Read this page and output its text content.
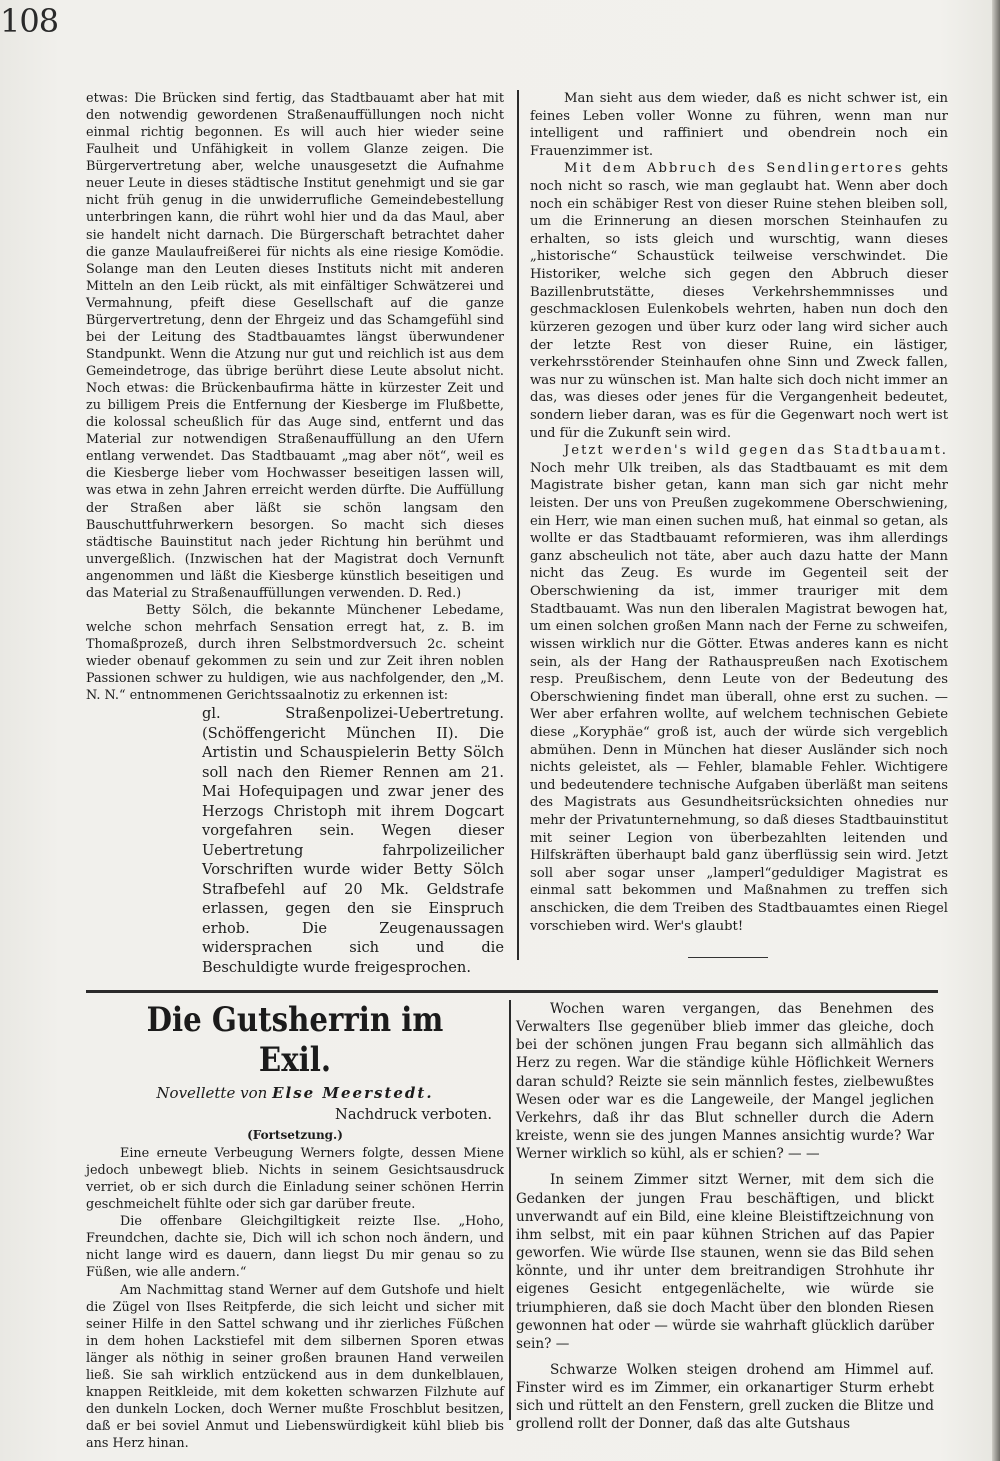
108

etwas: Die Brücken sind fertig, das Stadtbauamt aber hat mit den notwendig gewordenen Straßenauffüllungen noch nicht einmal richtig begonnen. Es will auch hier wieder seine Faulheit und Unfähigkeit in vollem Glanze zeigen. Die Bürgervertretung aber, welche unausgesetzt die Aufnahme neuer Leute in dieses städtische Institut genehmigt und sie gar nicht früh genug in die unwiderrufliche Gemeindebestellung unterbringen kann, die rührt wohl hier und da das Maul, aber sie handelt nicht darnach. Die Bürgerschaft betrachtet daher die ganze Maulaufreißerei für nichts als eine riesige Komödie. Solange man den Leuten dieses Instituts nicht mit anderen Mitteln an den Leib rückt, als mit einfältiger Schwätzerei und Vermahnung, pfeift diese Gesellschaft auf die ganze Bürgervertretung, denn der Ehrgeiz und das Schamgefühl sind bei der Leitung des Stadtbauamtes längst überwundener Standpunkt. Wenn die Atzung nur gut und reichlich ist aus dem Gemeindetroge, das übrige berührt diese Leute absolut nicht. Noch etwas: die Brückenbaufirma hätte in kürzester Zeit und zu billigem Preis die Entfernung der Kiesberge im Flußbette, die kolossal scheußlich für das Auge sind, entfernt und das Material zur notwendigen Straßenauffüllung an den Ufern entlang verwendet. Das Stadtbauamt „mag aber nöt“, weil es die Kiesberge lieber vom Hochwasser beseitigen lassen will, was etwa in zehn Jahren erreicht werden dürfte. Die Auffüllung der Straßen aber läßt sie schön langsam den Bauschuttfuhrwerkern besorgen. So macht sich dieses städtische Bauinstitut nach jeder Richtung hin berühmt und unvergeßlich. (Inzwischen hat der Magistrat doch Vernunft angenommen und läßt die Kiesberge künstlich beseitigen und das Material zu Straßenauffüllungen verwenden. D. Red.)

Betty Sölch, die bekannte Münchener Lebedame, welche schon mehrfach Sensation erregt hat, z. B. im Thomaßprozeß, durch ihren Selbstmordversuch 2c. scheint wieder obenauf gekommen zu sein und zur Zeit ihren noblen Passionen schwer zu huldigen, wie aus nachfolgender, den „M. N. N.“ entnommenen Gerichtssaalnotiz zu erkennen ist:

gl. Straßenpolizei-Uebertretung. (Schöffengericht München II). Die Artistin und Schauspielerin Betty Sölch soll nach den Riemer Rennen am 21. Mai Hofequipagen und zwar jener des Herzogs Christoph mit ihrem Dogcart vorgefahren sein. Wegen dieser Uebertretung fahrpolizeilicher Vorschriften wurde wider Betty Sölch Strafbefehl auf 20 Mk. Geldstrafe erlassen, gegen den sie Einspruch erhob. Die Zeugenaussagen widersprachen sich und die Beschuldigte wurde freigesprochen.

Man sieht aus dem wieder, daß es nicht schwer ist, ein feines Leben voller Wonne zu führen, wenn man nur intelligent und raffiniert und obendrein noch ein Frauenzimmer ist.

Mit dem Abbruch des Sendlingertores gehts noch nicht so rasch, wie man geglaubt hat. Wenn aber doch noch ein schäbiger Rest von dieser Ruine stehen bleiben soll, um die Erinnerung an diesen morschen Steinhaufen zu erhalten, so ists gleich und wurschtig, wann dieses „historische“ Schaustück teilweise verschwindet. Die Historiker, welche sich gegen den Abbruch dieser Bazillenbrutstätte, dieses Verkehrshemmnisses und geschmacklosen Eulenkobels wehrten, haben nun doch den kürzeren gezogen und über kurz oder lang wird sicher auch der letzte Rest von dieser Ruine, ein lästiger, verkehrsstörender Steinhaufen ohne Sinn und Zweck fallen, was nur zu wünschen ist. Man halte sich doch nicht immer an das, was dieses oder jenes für die Vergangenheit bedeutet, sondern lieber daran, was es für die Gegenwart noch wert ist und für die Zukunft sein wird.

Jetzt werden's wild gegen das Stadtbauamt. Noch mehr Ulk treiben, als das Stadtbauamt es mit dem Magistrate bisher getan, kann man sich gar nicht mehr leisten. Der uns von Preußen zugekommene Oberschwiening, ein Herr, wie man einen suchen muß, hat einmal so getan, als wollte er das Stadtbauamt reformieren, was ihm allerdings ganz abscheulich not täte, aber auch dazu hatte der Mann nicht das Zeug. Es wurde im Gegenteil seit der Oberschwiening da ist, immer trauriger mit dem Stadtbauamt. Was nun den liberalen Magistrat bewogen hat, um einen solchen großen Mann nach der Ferne zu schweifen, wissen wirklich nur die Götter. Etwas anderes kann es nicht sein, als der Hang der Rathauspreußen nach Exotischem resp. Preußischem, denn Leute von der Bedeutung des Oberschwiening findet man überall, ohne erst zu suchen. — Wer aber erfahren wollte, auf welchem technischen Gebiete diese „Koryphäe“ groß ist, auch der würde sich vergeblich abmühen. Denn in München hat dieser Ausländer sich noch nichts geleistet, als — Fehler, blamable Fehler. Wichtigere und bedeutendere technische Aufgaben überläßt man seitens des Magistrats aus Gesundheitsrücksichten ohnedies nur mehr der Privatunternehmung, so daß dieses Stadtbauinstitut mit seiner Legion von überbezahlten leitenden und Hilfskräften überhaupt bald ganz überflüssig sein wird. Jetzt soll aber sogar unser „lamperl“geduldiger Magistrat es einmal satt bekommen und Maßnahmen zu treffen sich anschicken, die dem Treiben des Stadtbauamtes einen Riegel vorschieben wird. Wer's glaubt!

Die Gutsherrin im Exil.
Novellette von Else Meerstedt.
Nachdruck verboten.
(Fortsetzung.)

Eine erneute Verbeugung Werners folgte, dessen Miene jedoch unbewegt blieb. Nichts in seinem Gesichtsausdruck verriet, ob er sich durch die Einladung seiner schönen Herrin geschmeichelt fühlte oder sich gar darüber freute.

Die offenbare Gleichgiltigkeit reizte Ilse. „Hoho, Freundchen, dachte sie, Dich will ich schon noch ändern, und nicht lange wird es dauern, dann liegst Du mir genau so zu Füßen, wie alle andern.“

Am Nachmittag stand Werner auf dem Gutshofe und hielt die Zügel von Ilses Reitpferde, die sich leicht und sicher mit seiner Hilfe in den Sattel schwang und ihr zierliches Füßchen in dem hohen Lackstiefel mit dem silbernen Sporen etwas länger als nöthig in seiner großen braunen Hand verweilen ließ. Sie sah wirklich entzückend aus in dem dunkelblauen, knappen Reitkleide, mit dem koketten schwarzen Filzhute auf den dunkeln Locken, doch Werner mußte Froschblut besitzen, daß er bei soviel Anmut und Liebenswürdigkeit kühl blieb bis ans Herz hinan.

Wochen waren vergangen, das Benehmen des Verwalters Ilse gegenüber blieb immer das gleiche, doch bei der schönen jungen Frau begann sich allmählich das Herz zu regen. War die ständige kühle Höflichkeit Werners daran schuld? Reizte sie sein männlich festes, zielbewußtes Wesen oder war es die Langeweile, der Mangel jeglichen Verkehrs, daß ihr das Blut schneller durch die Adern kreiste, wenn sie des jungen Mannes ansichtig wurde? War Werner wirklich so kühl, als er schien? — —

In seinem Zimmer sitzt Werner, mit dem sich die Gedanken der jungen Frau beschäftigen, und blickt unverwandt auf ein Bild, eine kleine Bleistiftzeichnung von ihm selbst, mit ein paar kühnen Strichen auf das Papier geworfen. Wie würde Ilse staunen, wenn sie das Bild sehen könnte, und ihr unter dem breitrandigen Strohhute ihr eigenes Gesicht entgegenlächelte, wie würde sie triumphieren, daß sie doch Macht über den blonden Riesen gewonnen hat oder — würde sie wahrhaft glücklich darüber sein? —

Schwarze Wolken steigen drohend am Himmel auf. Finster wird es im Zimmer, ein orkanartiger Sturm erhebt sich und rüttelt an den Fenstern, grell zucken die Blitze und grollend rollt der Donner, daß das alte Gutshaus
